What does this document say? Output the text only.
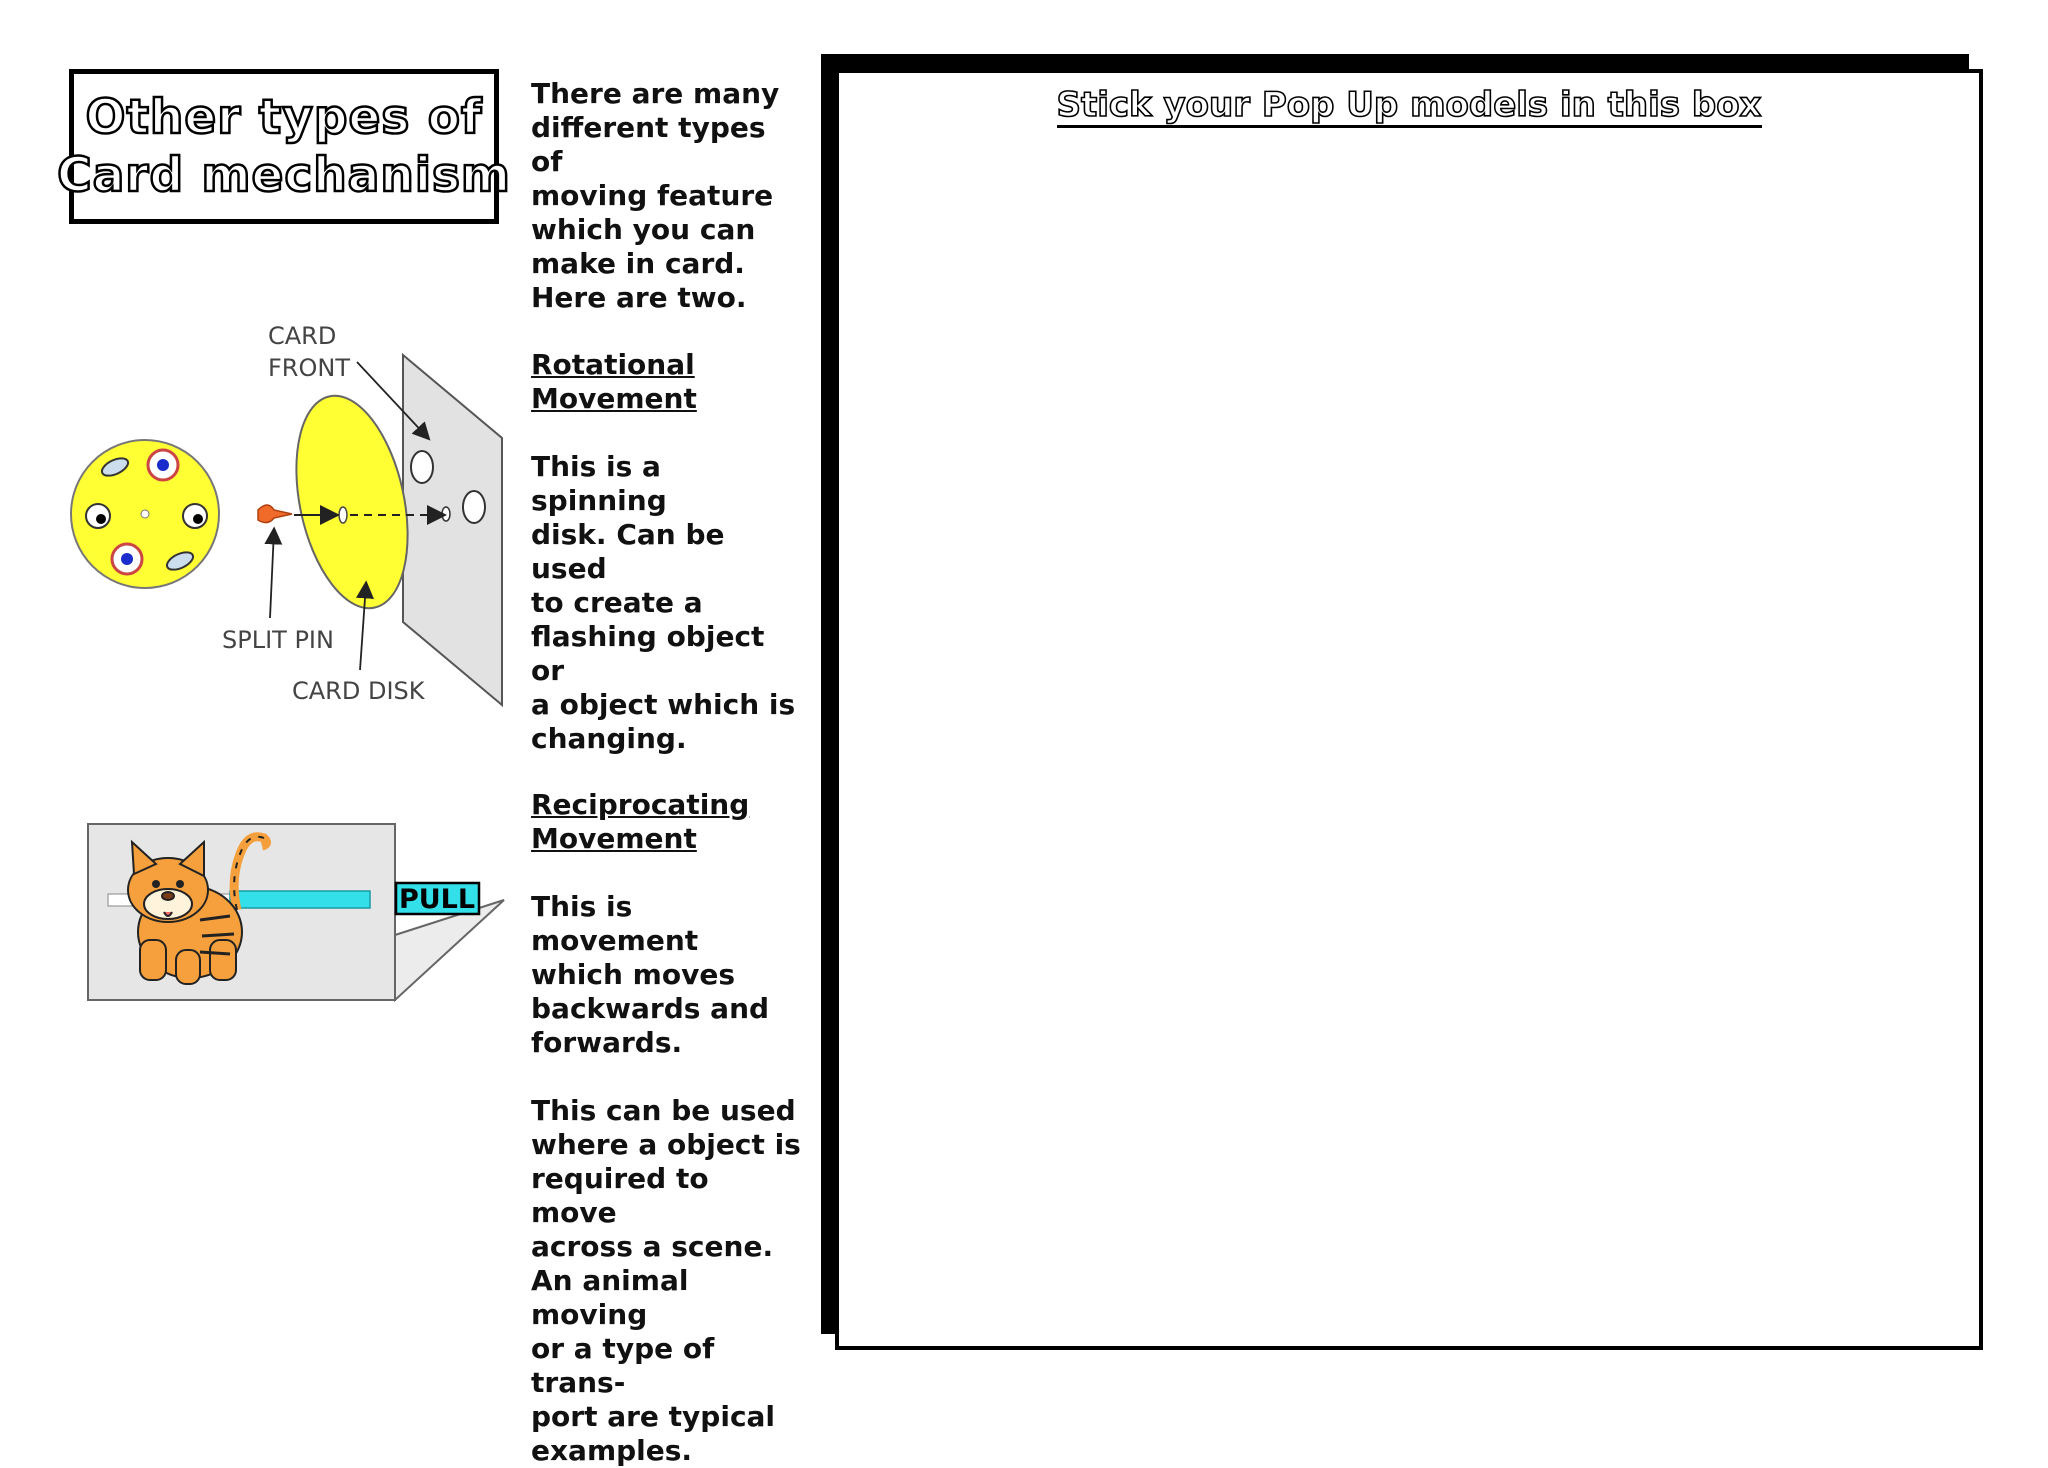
Other types of
Card mechanism
There are many
different types of
moving feature
which you can
make in card.
Here are two.
Rotational
Movement
This is a spinning
disk. Can be used
to create a
flashing object or
a object which is
changing.
Reciprocating
Movement
This is movement
which moves
backwards and
forwards.
This can be used
where a object is
required to move
across a scene.
An animal moving
or a type of trans-
port are typical
examples.
CARD
FRONT
SPLIT PIN
CARD DISK
PULL
Stick your Pop Up models in this box
